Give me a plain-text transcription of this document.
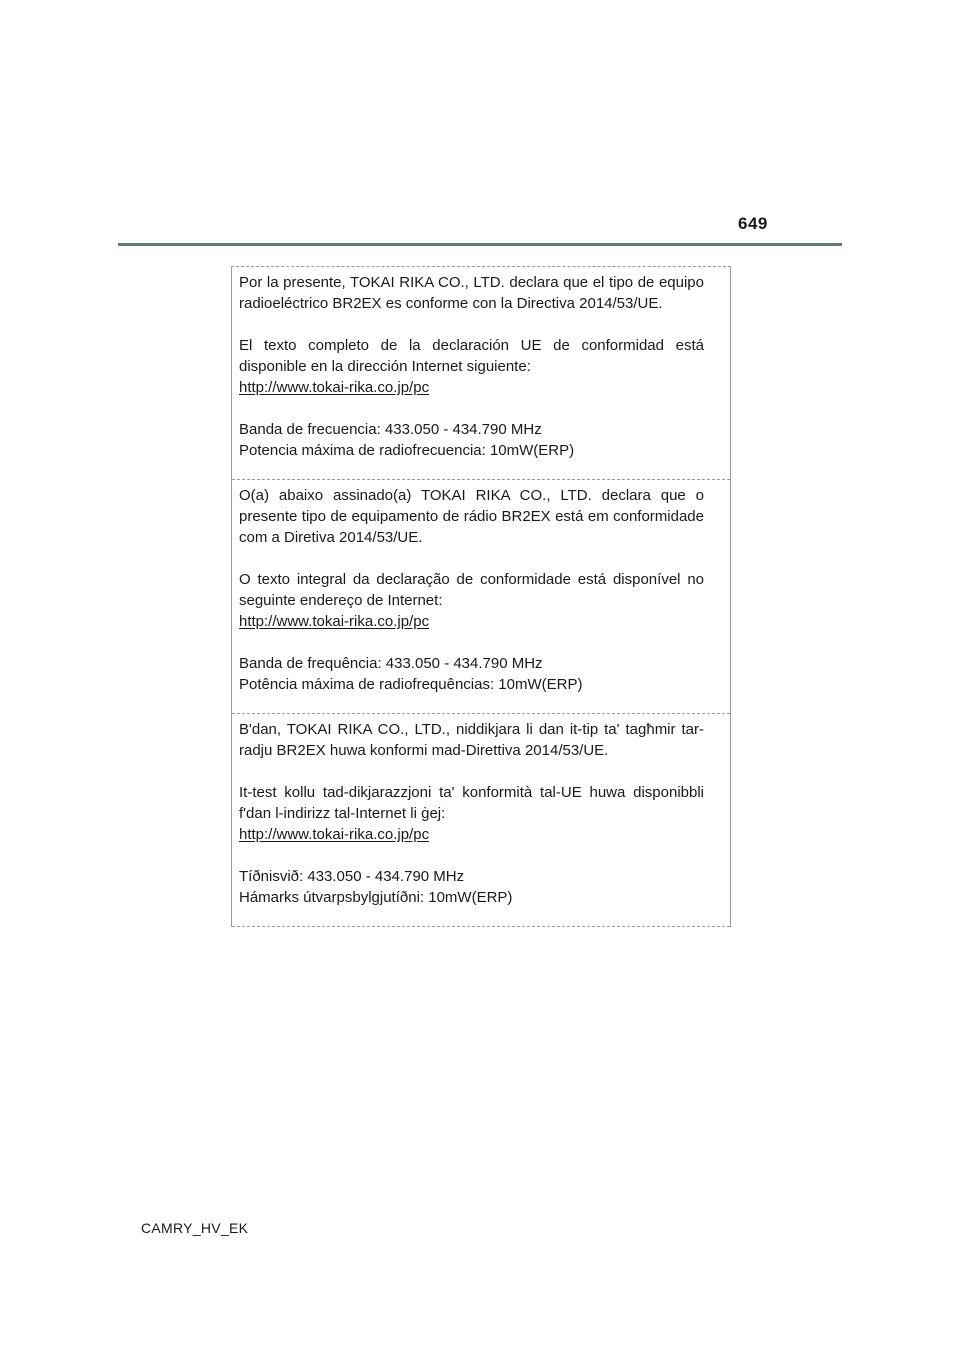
649

Por la presente, TOKAI RIKA CO., LTD. declara que el tipo de equipo radioeléctrico BR2EX es conforme con la Directiva 2014/53/UE.

El texto completo de la declaración UE de conformidad está disponible en la dirección Internet siguiente:

http://www.tokai-rika.co.jp/pc

Banda de frecuencia: 433.050 - 434.790 MHz

Potencia máxima de radiofrecuencia: 10mW(ERP)

O(a) abaixo assinado(a) TOKAI RIKA CO., LTD. declara que o presente tipo de equipamento de rádio BR2EX está em conformidade com a Diretiva 2014/53/UE.

O texto integral da declaração de conformidade está disponível no seguinte endereço de Internet:

http://www.tokai-rika.co.jp/pc

Banda de frequência: 433.050 - 434.790 MHz

Potência máxima de radiofrequências: 10mW(ERP)

B'dan, TOKAI RIKA CO., LTD., niddikjara li dan it-tip ta' tagħmir tar-radju BR2EX huwa konformi mad-Direttiva 2014/53/UE.

It-test kollu tad-dikjarazzjoni ta' konformità tal-UE huwa disponibbli f'dan l-indirizz tal-Internet li ġej:

http://www.tokai-rika.co.jp/pc

Tíðnisvið: 433.050 - 434.790 MHz

Hámarks útvarpsbylgjutíðni: 10mW(ERP)

CAMRY_HV_EK
